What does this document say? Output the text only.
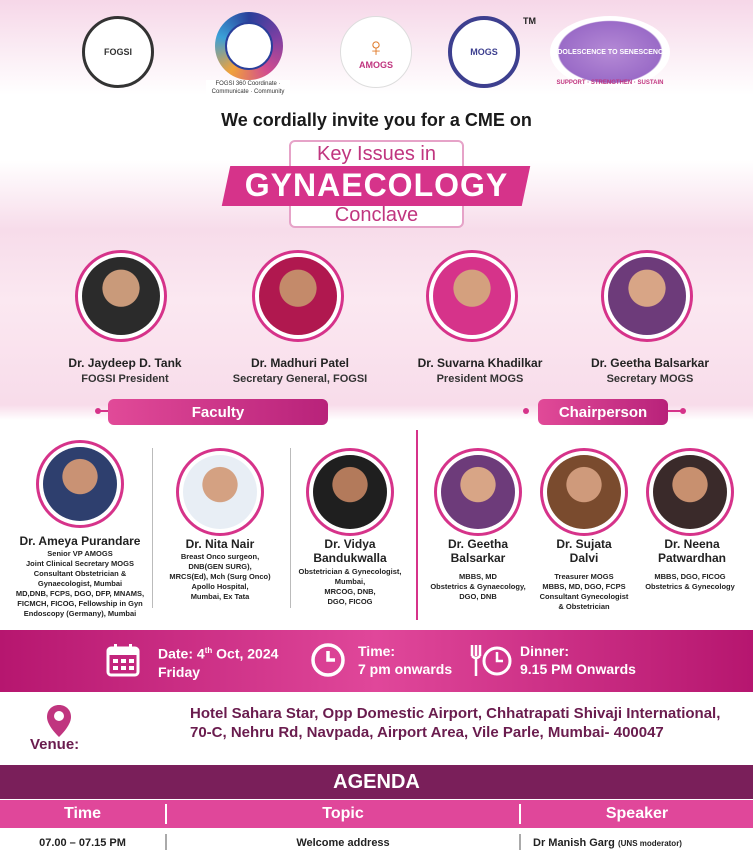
FOGSI
FOGSI 360 Coordinate · Communicate · Community
♀
AMOGS
MOGS
TM
ADOLESCENCE TO SENESCENCE
SUPPORT · STRENGTHEN · SUSTAIN
We cordially invite you for a CME on
Key Issues in
GYNAECOLOGY
Conclave
Dr. Jaydeep D. Tank
FOGSI President
Dr. Madhuri Patel
Secretary General, FOGSI
Dr. Suvarna Khadilkar
President MOGS
Dr. Geetha Balsarkar
Secretary MOGS
Faculty	Chairperson
Dr. Ameya Purandare
Senior VP AMOGS
Joint Clinical Secretary MOGS
Consultant Obstetrician &
Gynaecologist, Mumbai
MD,DNB, FCPS, DGO, DFP, MNAMS,
FICMCH, FICOG, Fellowship in Gyn
Endoscopy (Germany), Mumbai
Dr. Nita Nair
Breast Onco surgeon,
DNB(GEN SURG),
MRCS(Ed), Mch (Surg Onco)
Apollo Hospital,
Mumbai, Ex Tata
Dr. Vidya
Bandukwalla
Obstetrician & Gynecologist,
Mumbai,
MRCOG, DNB,
DGO, FICOG
Dr. Geetha
Balsarkar
MBBS, MD
Obstetrics & Gynaecology,
DGO, DNB
Dr. Sujata
Dalvi
Treasurer MOGS
MBBS, MD, DGO, FCPS
Consultant Gynecologist
& Obstetrician
Dr. Neena
Patwardhan
MBBS, DGO, FICOG
Obstetrics & Gynecology
Date: 4th Oct, 2024
Friday
Time:
7 pm onwards
Dinner:
9.15 PM Onwards
Venue:
Hotel Sahara Star, Opp Domestic Airport, Chhatrapati Shivaji International, 70-C, Nehru Rd, Navpada, Airport Area, Vile Parle, Mumbai- 400047
AGENDA
Time	Topic	Speaker
07.00 – 07.15 PM	Welcome address	Dr Manish Garg (UNS moderator)
